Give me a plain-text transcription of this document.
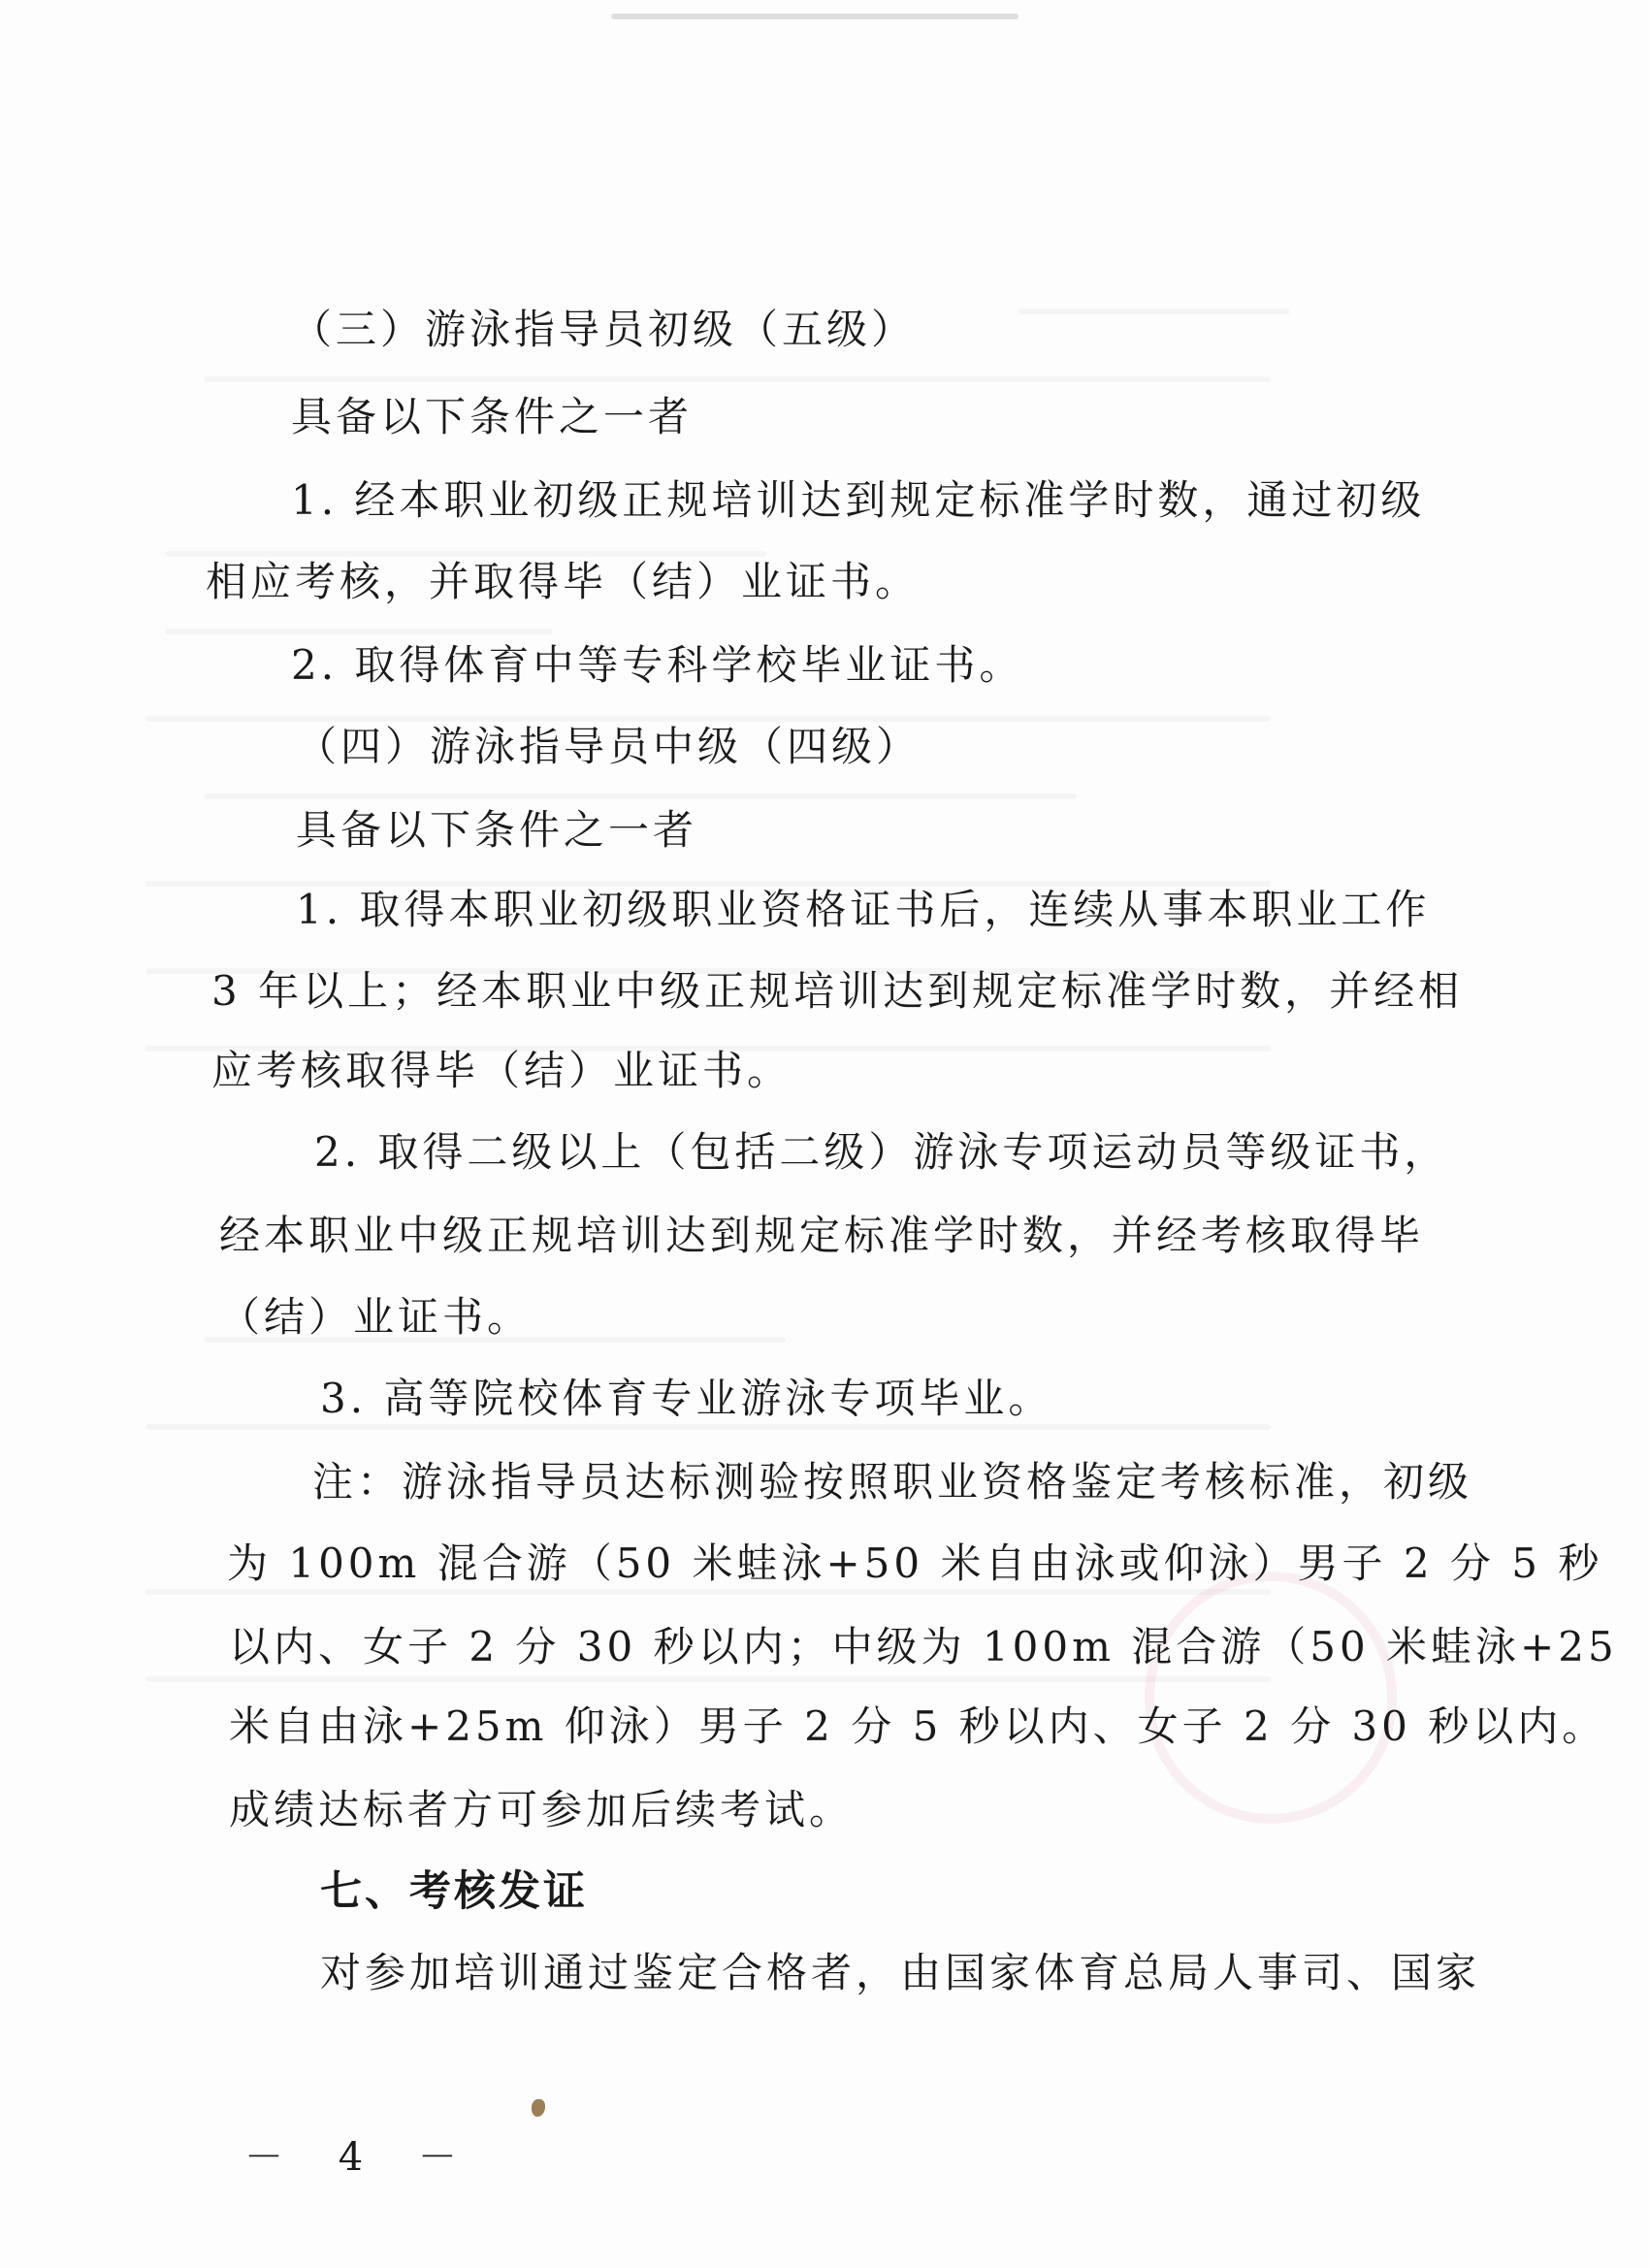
（三）游泳指导员初级（五级）
具备以下条件之一者
1. 经本职业初级正规培训达到规定标准学时数，通过初级
相应考核，并取得毕（结）业证书。
2. 取得体育中等专科学校毕业证书。
（四）游泳指导员中级（四级）
具备以下条件之一者
1. 取得本职业初级职业资格证书后，连续从事本职业工作
3 年以上；经本职业中级正规培训达到规定标准学时数，并经相
应考核取得毕（结）业证书。
2. 取得二级以上（包括二级）游泳专项运动员等级证书，
经本职业中级正规培训达到规定标准学时数，并经考核取得毕
（结）业证书。
3. 高等院校体育专业游泳专项毕业。
注：游泳指导员达标测验按照职业资格鉴定考核标准，初级
为 100m 混合游（50 米蛙泳+50 米自由泳或仰泳）男子 2 分 5 秒
以内、女子 2 分 30 秒以内；中级为 100m 混合游（50 米蛙泳+25
米自由泳+25m 仰泳）男子 2 分 5 秒以内、女子 2 分 30 秒以内。
成绩达标者方可参加后续考试。
七、考核发证
对参加培训通过鉴定合格者，由国家体育总局人事司、国家
－ 4 －
